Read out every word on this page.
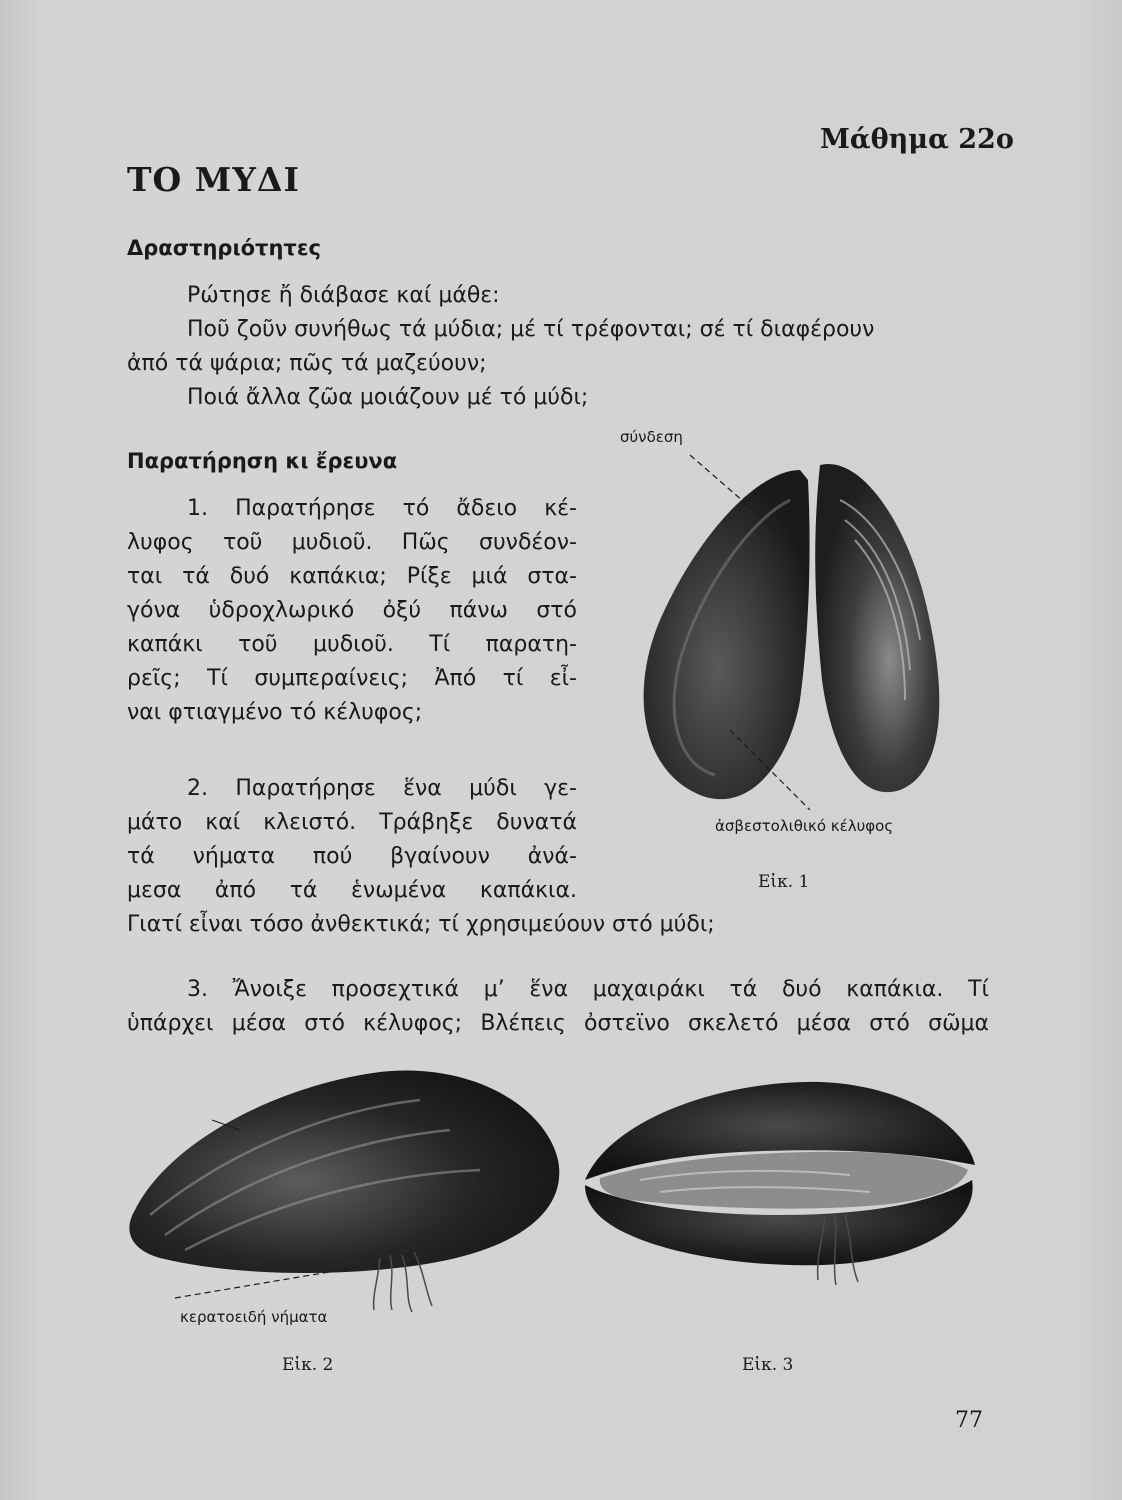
Μάθημα 22ο
ΤΟ ΜΥΔΙ
Δραστηριότητες
Ρώτησε ἤ διάβασε καί μάθε:
Ποῦ ζοῦν συνήθως τά μύδια; μέ τί τρέφονται; σέ τί διαφέρουν
ἀπό τά ψάρια; πῶς τά μαζεύουν;
Ποιά ἄλλα ζῶα μοιάζουν μέ τό μύδι;
Παρατήρηση κι ἔρευνα
1. Παρατήρησε τό ἄδειο κέ-
λυφος τοῦ μυδιοῦ. Πῶς συνδέον-
ται τά δυό καπάκια; Ρίξε μιά στα-
γόνα ὑδροχλωρικό ὀξύ πάνω στό
καπάκι τοῦ μυδιοῦ. Τί παρατη-
ρεῖς; Τί συμπεραίνεις; Ἀπό τί εἶ-
ναι φτιαγμένο τό κέλυφος;
2. Παρατήρησε ἕνα μύδι γε-
μάτο καί κλειστό. Τράβηξε δυνατά
τά νήματα πού βγαίνουν ἀνά-
μεσα ἀπό τά ἑνωμένα καπάκια.
Γιατί εἶναι τόσο ἀνθεκτικά; τί χρησιμεύουν στό μύδι;
3. Ἄνοιξε προσεχτικά μ’ ἕνα μαχαιράκι τά δυό καπάκια. Τί
ὑπάρχει μέσα στό κέλυφος; Βλέπεις ὀστεϊνο σκελετό μέσα στό σῶμα
σύνδεση
ἀσβεστολιθικό κέλυφος
Εἰκ. 1
κερατοειδή νήματα
Εἰκ. 2	Εἰκ. 3
77
